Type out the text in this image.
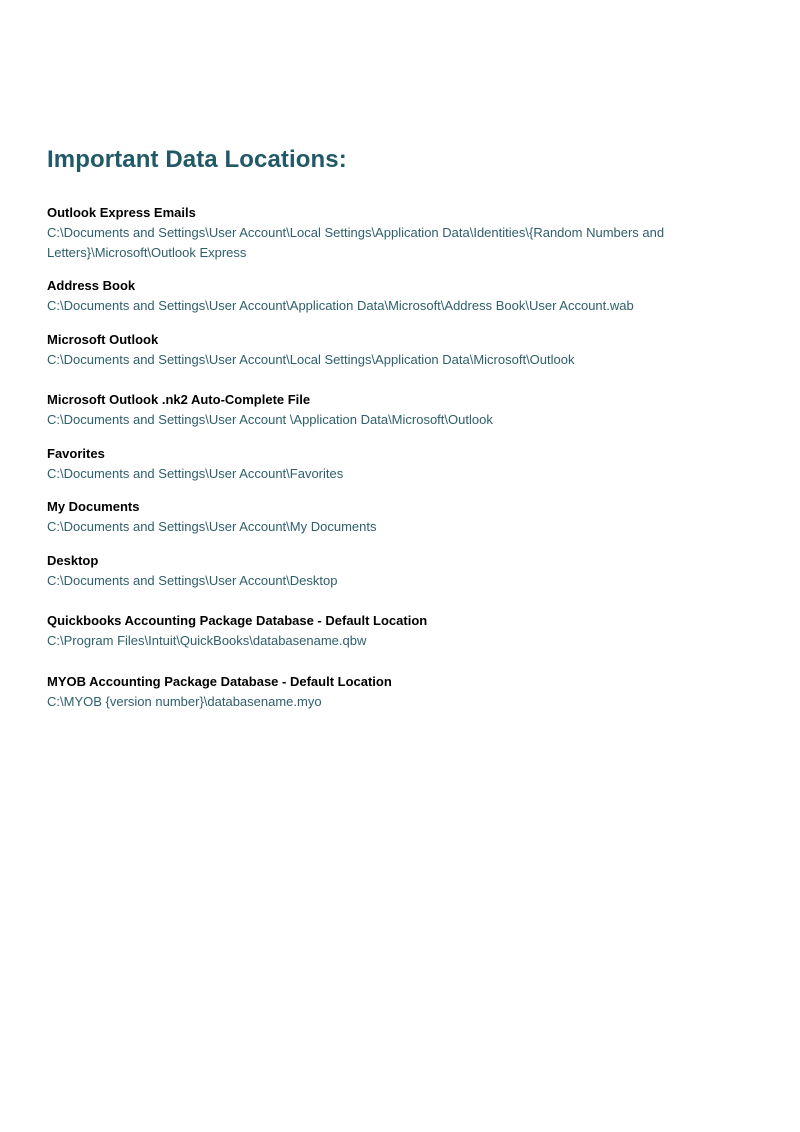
Important Data Locations:
Outlook Express Emails
C:\Documents and Settings\User Account\Local Settings\Application Data\Identities\{Random Numbers and Letters}\Microsoft\Outlook Express
Address Book
C:\Documents and Settings\User Account\Application Data\Microsoft\Address Book\User Account.wab
Microsoft Outlook
C:\Documents and Settings\User Account\Local Settings\Application Data\Microsoft\Outlook
Microsoft Outlook .nk2 Auto-Complete File
C:\Documents and Settings\User Account \Application Data\Microsoft\Outlook
Favorites
C:\Documents and Settings\User Account\Favorites
My Documents
C:\Documents and Settings\User Account\My Documents
Desktop
C:\Documents and Settings\User Account\Desktop
Quickbooks Accounting Package Database - Default Location
C:\Program Files\Intuit\QuickBooks\databasename.qbw
MYOB Accounting Package Database - Default Location
C:\MYOB {version number}\databasename.myo
